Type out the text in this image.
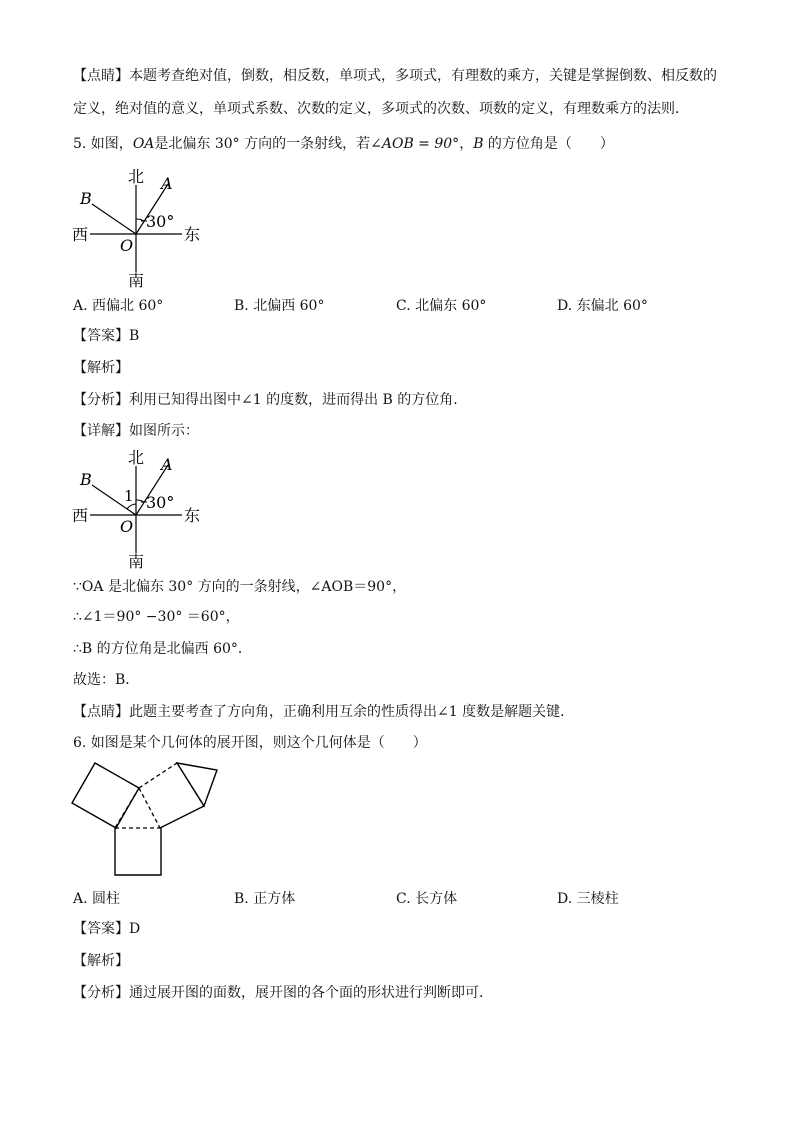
【点睛】本题考查绝对值，倒数，相反数，单项式，多项式，有理数的乘方，关键是掌握倒数、相反数的
定义，绝对值的意义，单项式系数、次数的定义，多项式的次数、项数的定义，有理数乘方的法则．
5. 如图，OA是北偏东 30° 方向的一条射线，若∠AOB = 90°，B 的方位角是（　　）
北
南
东
西
A
B
O
30°
A. 西偏北 60°	B. 北偏西 60°	C. 北偏东 60°	D. 东偏北 60°
【答案】B
【解析】
【分析】利用已知得出图中∠1 的度数，进而得出 B 的方位角．
【详解】如图所示：
北
南
东
西
A
B
O
30°
1
∵OA 是北偏东 30° 方向的一条射线，∠AOB＝90°，
∴∠1＝90° −30° ＝60°，
∴B 的方位角是北偏西 60°．
故选：B．
【点睛】此题主要考查了方向角，正确利用互余的性质得出∠1 度数是解题关键．
6. 如图是某个几何体的展开图，则这个几何体是（　　）
A. 圆柱	B. 正方体	C. 长方体	D. 三棱柱
【答案】D
【解析】
【分析】通过展开图的面数，展开图的各个面的形状进行判断即可．
